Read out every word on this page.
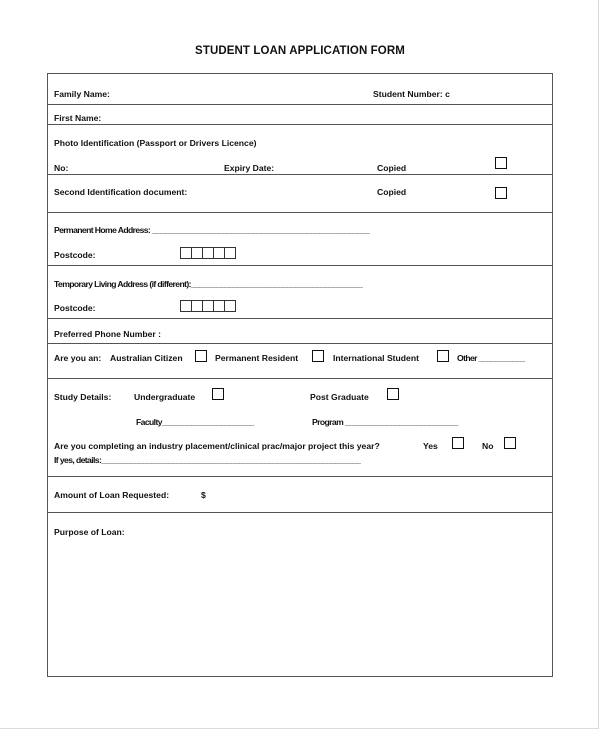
STUDENT LOAN APPLICATION FORM
Family Name:	Student Number: c
First Name:
Photo Identification (Passport or Drivers Licence)
No:	Expiry Date:	Copied
Second Identification document:	Copied
Permanent Home Address: ____________________________________________________
Postcode:
Temporary Living Address (if different):_________________________________________
Postcode:
Preferred Phone Number :
Are you an: Australian Citizen	Permanent Resident	International Student	Other ___________
Study Details:	Undergraduate	Post Graduate
Faculty______________________	Program ___________________________
Are you completing an industry placement/clinical prac/major project this year?	Yes	No
If yes, details:______________________________________________________________
Amount of Loan Requested:	$
Purpose of Loan:
